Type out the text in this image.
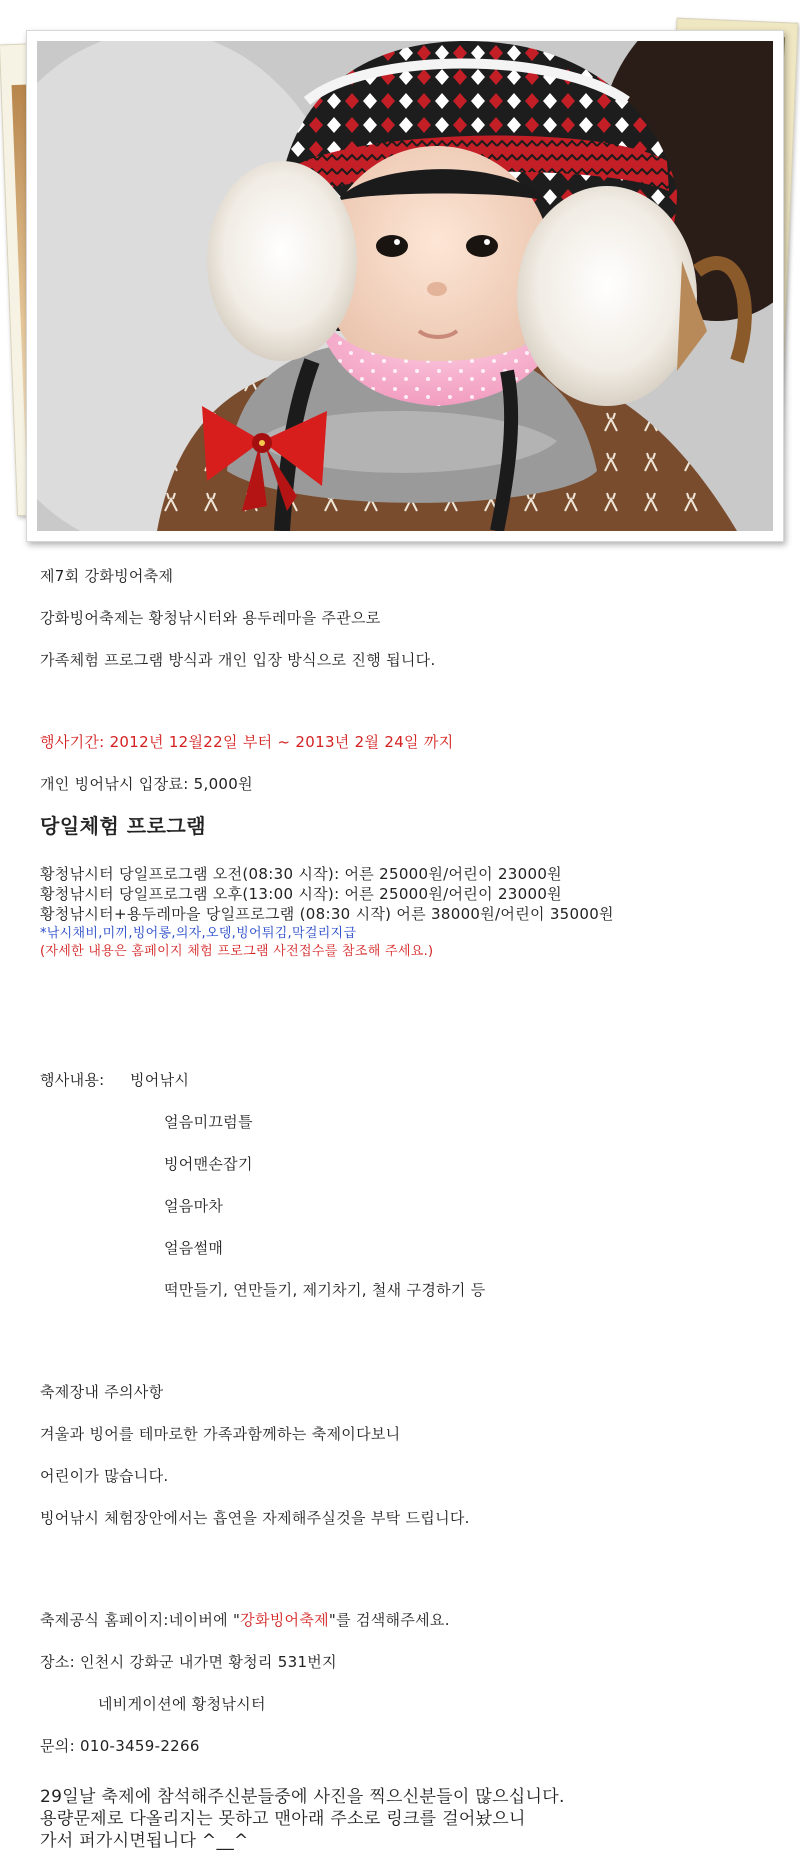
제7회 강화빙어축제
강화빙어축제는 황청낚시터와 용두레마을 주관으로
가족체험 프로그램 방식과 개인 입장 방식으로 진행 됩니다.
행사기간: 2012년 12월22일 부터 ~ 2013년 2월 24일 까지
개인 빙어낚시 입장료: 5,000원
당일체험 프로그램
황청낚시터 당일프로그램 오전(08:30 시작): 어른 25000원/어린이 23000원
황청낚시터 당일프로그램 오후(13:00 시작): 어른 25000원/어린이 23000원
황청낚시터+용두레마을 당일프로그램 (08:30 시작) 어른 38000원/어린이 35000원
*낚시채비,미끼,빙어롱,의자,오뎅,빙어튀김,막걸리지급
(자세한 내용은 홈페이지 체험 프로그램 사전접수를 참조해 주세요.)
행사내용: 빙어낚시
얼음미끄럼틀
빙어맨손잡기
얼음마차
얼음썰매
떡만들기, 연만들기, 제기차기, 철새 구경하기 등
축제장내 주의사항
겨울과 빙어를 테마로한 가족과함께하는 축제이다보니
어린이가 많습니다.
빙어낚시 체험장안에서는 흡연을 자제해주실것을 부탁 드립니다.
축제공식 홈페이지:네이버에 "강화빙어축제"를 검색해주세요.
장소: 인천시 강화군 내가면 황청리 531번지
네비게이션에 황청낚시터
문의: 010-3459-2266
29일날 축제에 참석해주신분들중에 사진을 찍으신분들이 많으십니다.
용량문제로 다올리지는 못하고 맨아래 주소로 링크를 걸어놨으니
가서 퍼가시면됩니다 ^__^
